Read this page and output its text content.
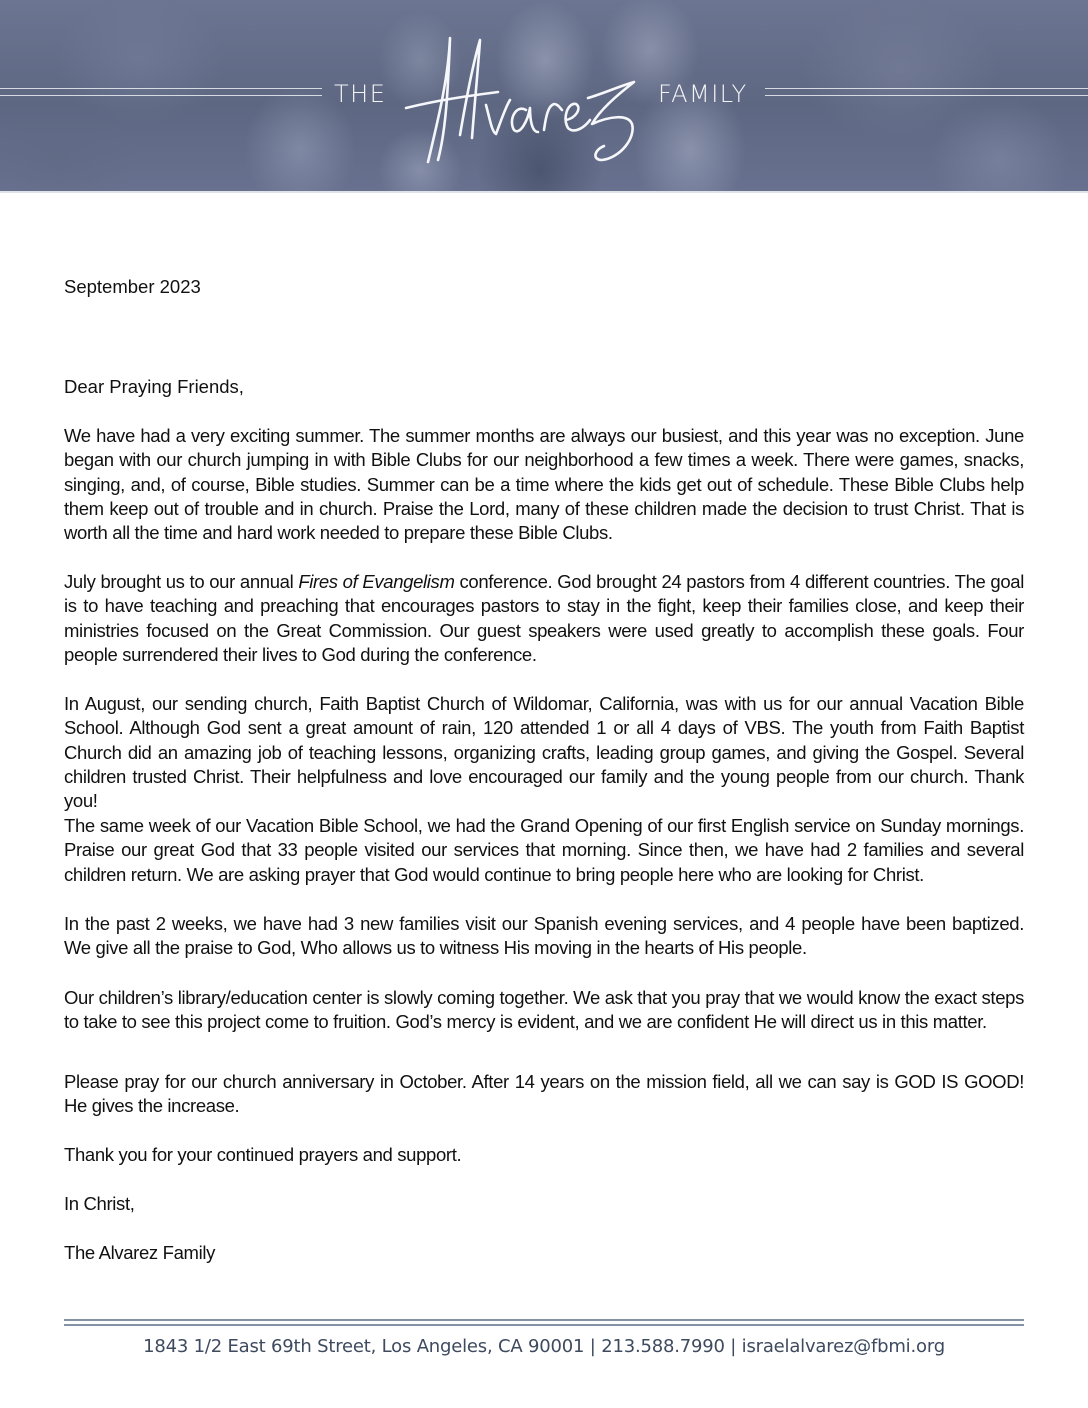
THE	FAMILY
September 2023
Dear Praying Friends,
We have had a very exciting summer. The summer months are always our busiest, and this year was no exception. June began with our church jumping in with Bible Clubs for our neighborhood a few times a week. There were games, snacks, singing, and, of course, Bible studies. Summer can be a time where the kids get out of schedule. These Bible Clubs help them keep out of trouble and in church. Praise the Lord, many of these children made the decision to trust Christ. That is worth all the time and hard work needed to prepare these Bible Clubs.
July brought us to our annual Fires of Evangelism conference. God brought 24 pastors from 4 different countries. The goal is to have teaching and preaching that encourages pastors to stay in the fight, keep their families close, and keep their ministries focused on the Great Commission. Our guest speakers were used greatly to accomplish these goals. Four people surrendered their lives to God during the conference.
In August, our sending church, Faith Baptist Church of Wildomar, California, was with us for our annual Vacation Bible School. Although God sent a great amount of rain, 120 attended 1 or all 4 days of VBS. The youth from Faith Baptist Church did an amazing job of teaching lessons, organizing crafts, leading group games, and giving the Gospel. Several children trusted Christ. Their helpfulness and love encouraged our family and the young people from our church. Thank you!
The same week of our Vacation Bible School, we had the Grand Opening of our first English service on Sunday mornings. Praise our great God that 33 people visited our services that morning. Since then, we have had 2 families and several children return. We are asking prayer that God would continue to bring people here who are looking for Christ.
In the past 2 weeks, we have had 3 new families visit our Spanish evening services, and 4 people have been baptized. We give all the praise to God, Who allows us to witness His moving in the hearts of His people.
Our children’s library/education center is slowly coming together. We ask that you pray that we would know the exact steps to take to see this project come to fruition. God’s mercy is evident, and we are confident He will direct us in this matter.
Please pray for our church anniversary in October. After 14 years on the mission field, all we can say is GOD IS GOOD! He gives the increase.
Thank you for your continued prayers and support.
In Christ,
The Alvarez Family
1843 1/2 East 69th Street, Los Angeles, CA 90001 | 213.588.7990 | israelalvarez@fbmi.org
